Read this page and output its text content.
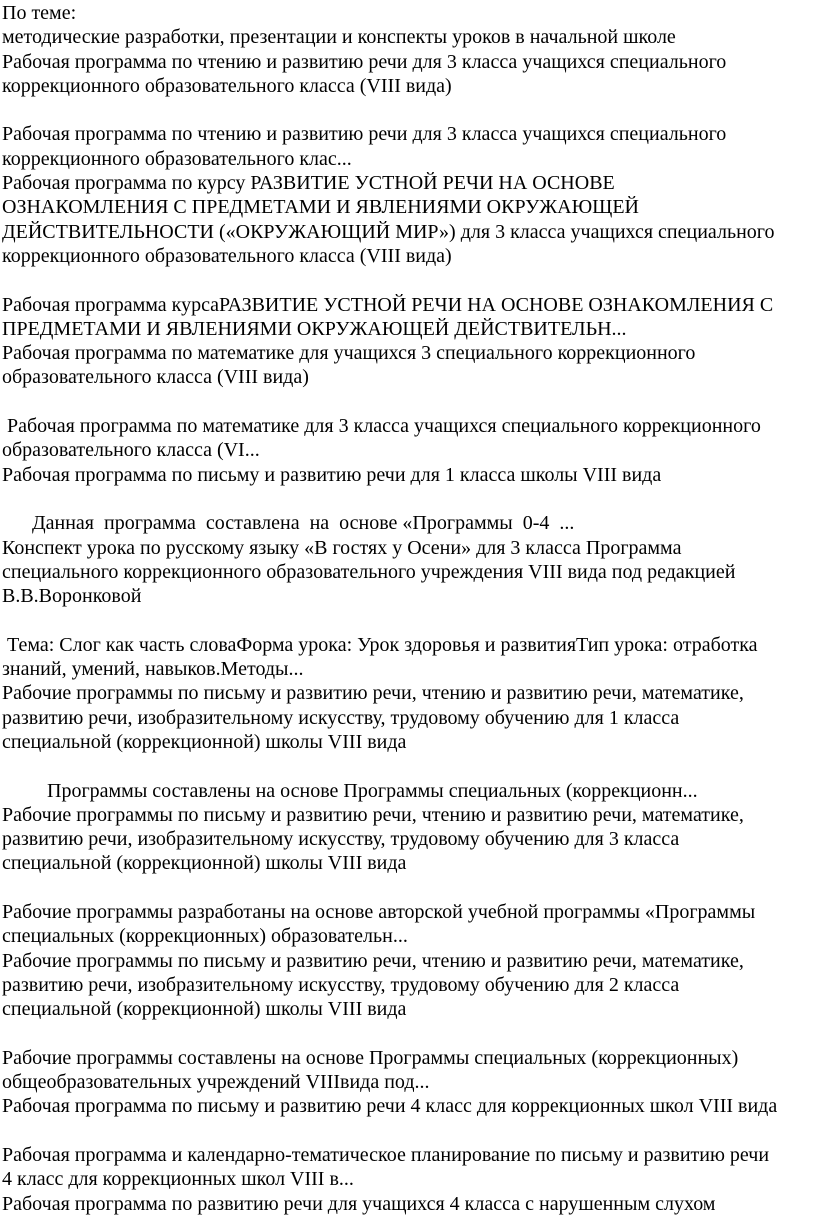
По теме:
методические разработки, презентации и конспекты уроков в начальной школе
Рабочая программа по чтению и развитию речи для 3 класса учащихся специального
коррекционного образовательного класса (VIII вида)
Рабочая программа по чтению и развитию речи для 3 класса учащихся специального
коррекционного образовательного клас...
Рабочая программа по курсу РАЗВИТИЕ УСТНОЙ РЕЧИ НА ОСНОВЕ
ОЗНАКОМЛЕНИЯ С ПРЕДМЕТАМИ И ЯВЛЕНИЯМИ ОКРУЖАЮЩЕЙ
ДЕЙСТВИТЕЛЬНОСТИ («ОКРУЖАЮЩИЙ МИР») для 3 класса учащихся специального
коррекционного образовательного класса (VIII вида)
Рабочая программа курсаРАЗВИТИЕ УСТНОЙ РЕЧИ НА ОСНОВЕ ОЗНАКОМЛЕНИЯ С
ПРЕДМЕТАМИ И ЯВЛЕНИЯМИ ОКРУЖАЮЩЕЙ ДЕЙСТВИТЕЛЬН...
Рабочая программа по математике для учащихся 3 специального коррекционного
образовательного класса (VIII вида)
Рабочая программа по математике для 3 класса учащихся специального коррекционного
образовательного класса (VI...
Рабочая программа по письму и развитию речи для 1 класса школы VIII вида
Данная  программа  составлена  на  основе «Программы  0-4  ...
Конспект урока по русскому языку «В гостях у Осени» для 3 класса Программа
специального коррекционного образовательного учреждения VIII вида под редакцией
В.В.Воронковой
Тема: Слог как часть словаФорма урока: Урок здоровья и развитияТип урока: отработка
знаний, умений, навыков.Методы...
Рабочие программы по письму и развитию речи, чтению и развитию речи, математике,
развитию речи, изобразительному искусству, трудовому обучению для 1 класса
специальной (коррекционной) школы VIII вида
Программы составлены на основе Программы специальных (коррекционн...
Рабочие программы по письму и развитию речи, чтению и развитию речи, математике,
развитию речи, изобразительному искусству, трудовому обучению для 3 класса
специальной (коррекционной) школы VIII вида
Рабочие программы разработаны на основе авторской учебной программы «Программы
специальных (коррекционных) образовательн...
Рабочие программы по письму и развитию речи, чтению и развитию речи, математике,
развитию речи, изобразительному искусству, трудовому обучению для 2 класса
специальной (коррекционной) школы VIII вида
Рабочие программы составлены на основе Программы специальных (коррекционных)
общеобразовательных учреждений VIIIвида под...
Рабочая программа по письму и развитию речи 4 класс для коррекционных школ VIII вида
Рабочая программа и календарно-тематическое планирование по письму и развитию речи
4 класс для коррекционных школ VIII в...
Рабочая программа по развитию речи для учащихся 4 класса с нарушенным слухом
